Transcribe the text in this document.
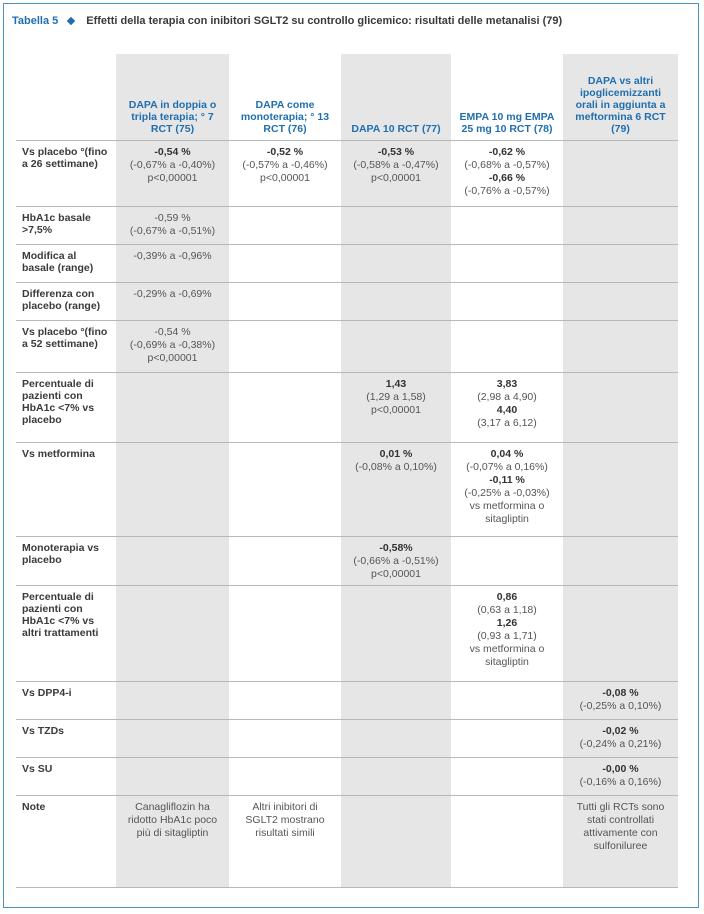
Tabella 5	Effetti della terapia con inibitori SGLT2 su controllo glicemico: risultati delle metanalisi (79)
	DAPA in doppia o tripla terapia; ° 7 RCT (75)	DAPA come monoterapia; ° 13 RCT (76)	DAPA 10 RCT (77)	EMPA 10 mg EMPA 25 mg 10 RCT (78)	DAPA vs altri ipoglicemizzanti orali in aggiunta a meftormina 6 RCT (79)
Vs placebo °(fino a 26 settimane)	-0,54 %
(-0,67% a -0,40%)
p<0,00001	-0,52 %
(-0,57% a -0,46%)
p<0,00001	-0,53 %
(-0,58% a -0,47%)
p<0,00001	-0,62 %
(-0,68% a -0,57%)
-0,66 %
(-0,76% a -0,57%)	

HbA1c basale >7,5%	-0,59 %
(-0,67% a -0,51%)				

Modifica al basale (range)	-0,39% a -0,96%				

Differenza con placebo (range)	-0,29% a -0,69%				

Vs placebo °(fino a 52 settimane)	-0,54 %
(-0,69% a -0,38%)
p<0,00001				

Percentuale di pazienti con HbA1c <7% vs placebo			1,43
(1,29 a 1,58)
p<0,00001	3,83
(2,98 a 4,90)
4,40
(3,17 a 6,12)	

Vs metformina			0,01 %
(-0,08% a 0,10%)	0,04 %
(-0,07% a 0,16%)
-0,11 %
(-0,25% a -0,03%)
vs metformina o sitagliptin	

Monoterapia vs placebo			-0,58%
(-0,66% a -0,51%)
p<0,00001		

Percentuale di pazienti con HbA1c <7% vs altri trattamenti				0,86
(0,63 a 1,18)
1,26
(0,93 a 1,71)
vs metformina o sitagliptin	

Vs DPP4-i					-0,08 %
(-0,25% a 0,10%)

Vs TZDs					-0,02 %
(-0,24% a 0,21%)

Vs SU					-0,00 %
(-0,16% a 0,16%)

Note	Canagliflozin ha ridotto HbA1c poco più di sitagliptin	Altri inibitori di SGLT2 mostrano risultati simili			Tutti gli RCTs sono stati controllati attivamente con sulfoniluree
